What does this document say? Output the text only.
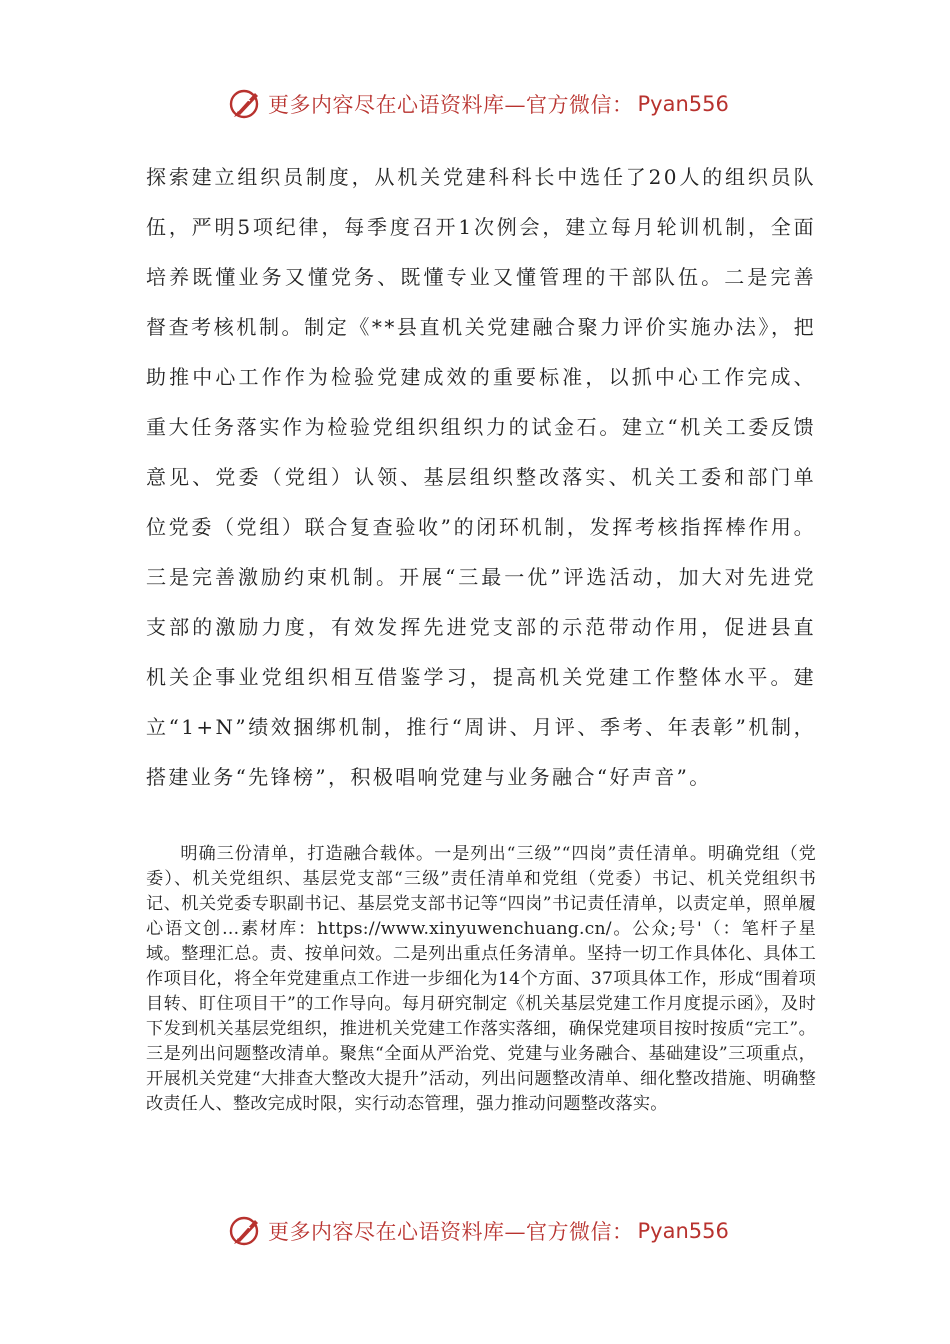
更多内容尽在心语资料库—官方微信： Pyan556

探索建立组织员制度，从机关党建科科长中选任了20人的组织员队伍，严明5项纪律，每季度召开1次例会，建立每月轮训机制，全面培养既懂业务又懂党务、既懂专业又懂管理的干部队伍。二是完善督查考核机制。制定《**县直机关党建融合聚力评价实施办法》，把助推中心工作作为检验党建成效的重要标准，以抓中心工作完成、重大任务落实作为检验党组织组织力的试金石。建立“机关工委反馈意见、党委（党组）认领、基层组织整改落实、机关工委和部门单位党委（党组）联合复查验收”的闭环机制，发挥考核指挥棒作用。三是完善激励约束机制。开展“三最一优”评选活动，加大对先进党支部的激励力度，有效发挥先进党支部的示范带动作用，促进县直机关企事业党组织相互借鉴学习，提高机关党建工作整体水平。建立“1+N”绩效捆绑机制，推行“周讲、月评、季考、年表彰”机制，搭建业务“先锋榜”，积极唱响党建与业务融合“好声音”。

明确三份清单，打造融合载体。一是列出“三级”“四岗”责任清单。明确党组（党委）、机关党组织、基层党支部“三级”责任清单和党组（党委）书记、机关党组织书记、机关党委专职副书记、基层党支部书记等“四岗”书记责任清单，以责定单，照单履心语文创…素材库：https://www.xinyuwenchuang.cn/。公众;号'（：笔杆子星域。整理汇总。责、按单问效。二是列出重点任务清单。坚持一切工作具体化、具体工作项目化，将全年党建重点工作进一步细化为14个方面、37项具体工作，形成“围着项目转、盯住项目干”的工作导向。每月研究制定《机关基层党建工作月度提示函》，及时下发到机关基层党组织，推进机关党建工作落实落细，确保党建项目按时按质“完工”。三是列出问题整改清单。聚焦“全面从严治党、党建与业务融合、基础建设”三项重点，开展机关党建“大排查大整改大提升”活动，列出问题整改清单、细化整改措施、明确整改责任人、整改完成时限，实行动态管理，强力推动问题整改落实。

更多内容尽在心语资料库—官方微信： Pyan556
